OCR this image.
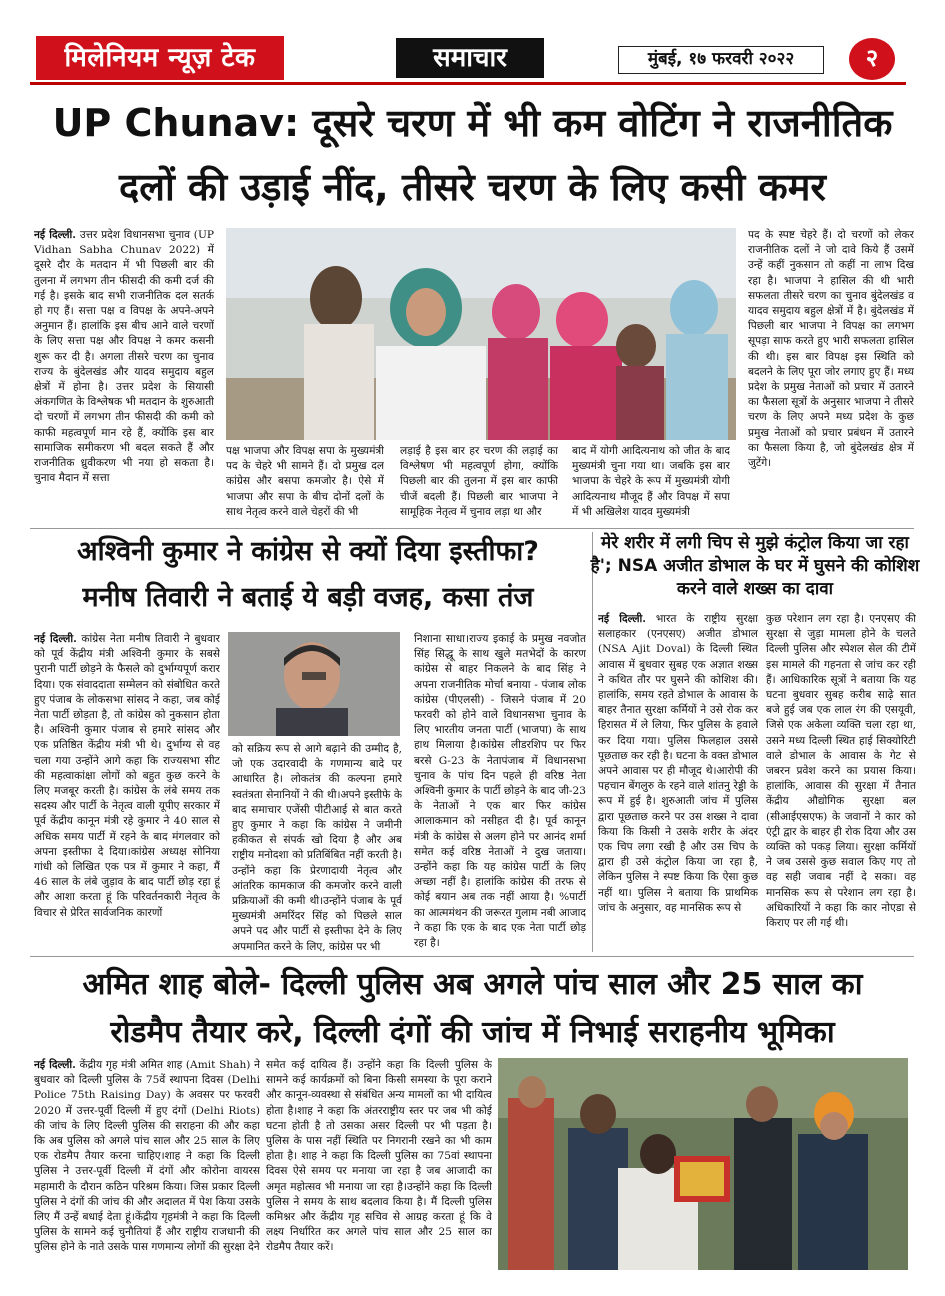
मिलेनियम न्यूज़ टेक	समाचार	मुंबई, १७ फरवरी २०२२	२
UP Chunav: दूसरे चरण में भी कम वोटिंग ने राजनीतिक
दलों की उड़ाई नींद, तीसरे चरण के लिए कसी कमर
नई दिल्ली. उत्तर प्रदेश विधानसभा चुनाव (UP Vidhan Sabha Chunav 2022) में दूसरे दौर के मतदान में भी पिछली बार की तुलना में लगभग तीन फीसदी की कमी दर्ज की गई है। इसके बाद सभी राजनीतिक दल सतर्क हो गए हैं। सत्ता पक्ष व विपक्ष के अपने-अपने अनुमान हैं। हालांकि इस बीच आने वाले चरणों के लिए सत्ता पक्ष और विपक्ष ने कमर कसनी शुरू कर दी है। अगला तीसरे चरण का चुनाव राज्य के बुंदेलखंड और यादव समुदाय बहुल क्षेत्रों में होना है। उत्तर प्रदेश के सियासी अंकगणित के विश्लेषक भी मतदान के शुरुआती दो चरणों में लगभग तीन फीसदी की कमी को काफी महत्वपूर्ण मान रहे हैं, क्योंकि इस बार सामाजिक समीकरण भी बदल सकते हैं और राजनीतिक ध्रुवीकरण भी नया हो सकता है। चुनाव मैदान में सत्ता
पक्ष भाजपा और विपक्ष सपा के मुख्यमंत्री पद के चेहरे भी सामने हैं। दो प्रमुख दल कांग्रेस और बसपा कमजोर है। ऐसे में भाजपा और सपा के बीच दोनों दलों के साथ नेतृत्व करने वाले चेहरों की भी
लड़ाई है इस बार हर चरण की लड़ाई का विश्लेषण भी महत्वपूर्ण होगा, क्योंकि पिछली बार की तुलना में इस बार काफी चीजें बदली हैं। पिछली बार भाजपा ने सामूहिक नेतृत्व में चुनाव लड़ा था और
बाद में योगी आदित्यनाथ को जीत के बाद मुख्यमंत्री चुना गया था। जबकि इस बार भाजपा के चेहरे के रूप में मुख्यमंत्री योगी आदित्यनाथ मौजूद हैं और विपक्ष में सपा में भी अखिलेश यादव मुख्यमंत्री
पद के स्पष्ट चेहरे हैं। दो चरणों को लेकर राजनीतिक दलों ने जो दावे किये हैं उसमें उन्हें कहीं नुकसान तो कहीं ना लाभ दिख रहा है। भाजपा ने हासिल की थी भारी सफलता तीसरे चरण का चुनाव बुंदेलखंड व यादव समुदाय बहुल क्षेत्रों में है। बुंदेलखंड में पिछली बार भाजपा ने विपक्ष का लगभग सूपड़ा साफ करते हुए भारी सफलता हासिल की थी। इस बार विपक्ष इस स्थिति को बदलने के लिए पूरा जोर लगाए हुए हैं। मध्य प्रदेश के प्रमुख नेताओं को प्रचार में उतारने का फैसला सूत्रों के अनुसार भाजपा ने तीसरे चरण के लिए अपने मध्य प्रदेश के कुछ प्रमुख नेताओं को प्रचार प्रबंधन में उतारने का फैसला किया है, जो बुंदेलखंड क्षेत्र में जुटेंगे।
अश्विनी कुमार ने कांग्रेस से क्यों दिया इस्तीफा?
मनीष तिवारी ने बताई ये बड़ी वजह, कसा तंज
नई दिल्ली. कांग्रेस नेता मनीष तिवारी ने बुधवार को पूर्व केंद्रीय मंत्री अश्विनी कुमार के सबसे पुरानी पार्टी छोड़ने के फैसले को दुर्भाग्यपूर्ण करार दिया। एक संवाददाता सम्मेलन को संबोधित करते हुए पंजाब के लोकसभा सांसद ने कहा, जब कोई नेता पार्टी छोड़ता है, तो कांग्रेस को नुकसान होता है। अश्विनी कुमार पंजाब से हमारे सांसद और एक प्रतिष्ठित केंद्रीय मंत्री भी थे। दुर्भाग्य से वह चला गया उन्होंने आगे कहा कि राज्यसभा सीट की महत्वाकांक्षा लोगों को बहुत कुछ करने के लिए मजबूर करती है। कांग्रेस के लंबे समय तक सदस्य और पार्टी के नेतृत्व वाली यूपीए सरकार में पूर्व केंद्रीय कानून मंत्री रहे कुमार ने 40 साल से अधिक समय पार्टी में रहने के बाद मंगलवार को अपना इस्तीफा दे दिया।कांग्रेस अध्यक्ष सोनिया गांधी को लिखित एक पत्र में कुमार ने कहा, मैं 46 साल के लंबे जुड़ाव के बाद पार्टी छोड़ रहा हूं और आशा करता हूं कि परिवर्तनकारी नेतृत्व के विचार से प्रेरित सार्वजनिक कारणों
को सक्रिय रूप से आगे बढ़ाने की उम्मीद है, जो एक उदारवादी के गणमान्य बादे पर आधारित है। लोकतंत्र की कल्पना हमारे स्वतंत्रता सेनानियों ने की थी।अपने इस्तीफे के बाद समाचार एजेंसी पीटीआई से बात करते हुए कुमार ने कहा कि कांग्रेस ने जमीनी हकीकत से संपर्क खो दिया है और अब राष्ट्रीय मनोदशा को प्रतिबिंबित नहीं करती है। उन्होंने कहा कि प्रेरणादायी नेतृत्व और आंतरिक कामकाज की कमजोर करने वाली प्रक्रियाओं की कमी थी।उन्होंने पंजाब के पूर्व मुख्यमंत्री अमरिंदर सिंह को पिछले साल अपने पद और पार्टी से इस्तीफा देने के लिए अपमानित करने के लिए, कांग्रेस पर भी
निशाना साधा।राज्य इकाई के प्रमुख नवजोत सिंह सिद्धू के साथ खुले मतभेदों के कारण कांग्रेस से बाहर निकलने के बाद सिंह ने अपना राजनीतिक मोर्चा बनाया - पंजाब लोक कांग्रेस (पीएलसी) - जिसने पंजाब में 20 फरवरी को होने वाले विधानसभा चुनाव के लिए भारतीय जनता पार्टी (भाजपा) के साथ हाथ मिलाया है।कांग्रेस लीडरशिप पर फिर बरसे G-23 के नेतापंजाब में विधानसभा चुनाव के पांच दिन पहले ही वरिष्ठ नेता अश्विनी कुमार के पार्टी छोड़ने के बाद जी-23 के नेताओं ने एक बार फिर कांग्रेस आलाकमान को नसीहत दी है। पूर्व कानून मंत्री के कांग्रेस से अलग होने पर आनंद शर्मा समेत कई वरिष्ठ नेताओं ने दुख जताया। उन्होंने कहा कि यह कांग्रेस पार्टी के लिए अच्छा नहीं है। हालांकि कांग्रेस की तरफ से कोई बयान अब तक नहीं आया है। %पार्टी का आत्ममंथन की जरूरत गुलाम नबी आजाद ने कहा कि एक के बाद एक नेता पार्टी छोड़ रहा है।
मेरे शरीर में लगी चिप से मुझे कंट्रोल किया जा रहा है'; NSA अजीत डोभाल के घर में घुसने की कोशिश करने वाले शख्स का दावा
नई दिल्ली. भारत के राष्ट्रीय सुरक्षा सलाहकार (एनएसए) अजीत डोभाल (NSA Ajit Doval) के दिल्ली स्थित आवास में बुधवार सुबह एक अज्ञात शख्स ने कथित तौर पर घुसने की कोशिश की। हालांकि, समय रहते डोभाल के आवास के बाहर तैनात सुरक्षा कर्मियों ने उसे रोक कर हिरासत में ले लिया, फिर पुलिस के हवाले कर दिया गया। पुलिस फिलहाल उससे पूछताछ कर रही है। घटना के वक्त डोभाल अपने आवास पर ही मौजूद थे।आरोपी की पहचान बेंगलुरु के रहने वाले शांतनु रेड्डी के रूप में हुई है। शुरुआती जांच में पुलिस द्वारा पूछताछ करने पर उस शख्स ने दावा किया कि किसी ने उसके शरीर के अंदर एक चिप लगा रखी है और उस चिप के द्वारा ही उसे कंट्रोल किया जा रहा है, लेकिन पुलिस ने स्पष्ट किया कि ऐसा कुछ नहीं था। पुलिस ने बताया कि प्राथमिक जांच के अनुसार, वह मानसिक रूप से
कुछ परेशान लग रहा है। एनएसए की सुरक्षा से जुड़ा मामला होने के चलते दिल्ली पुलिस और स्पेशल सेल की टीमें इस मामले की गहनता से जांच कर रही हैं। आधिकारिक सूत्रों ने बताया कि यह घटना बुधवार सुबह करीब साढ़े सात बजे हुई जब एक लाल रंग की एसयूवी, जिसे एक अकेला व्यक्ति चला रहा था, उसने मध्य दिल्ली स्थित हाई सिक्योरिटी वाले डोभाल के आवास के गेट से जबरन प्रवेश करने का प्रयास किया। हालांकि, आवास की सुरक्षा में तैनात केंद्रीय औद्योगिक सुरक्षा बल (सीआईएसएफ) के जवानों ने कार को एंट्री द्वार के बाहर ही रोक दिया और उस व्यक्ति को पकड़ लिया। सुरक्षा कर्मियों ने जब उससे कुछ सवाल किए गए तो वह सही जवाब नहीं दे सका। वह मानसिक रूप से परेशान लग रहा है। अधिकारियों ने कहा कि कार नोएडा से किराए पर ली गई थी।
अमित शाह बोले- दिल्ली पुलिस अब अगले पांच साल और 25 साल का
रोडमैप तैयार करे, दिल्ली दंगों की जांच में निभाई सराहनीय भूमिका
नई दिल्ली. केंद्रीय गृह मंत्री अमित शाह (Amit Shah) ने बुधवार को दिल्ली पुलिस के 75वें स्थापना दिवस (Delhi Police 75th Raising Day) के अवसर पर फरवरी 2020 में उत्तर-पूर्वी दिल्ली में हुए दंगों (Delhi Riots) की जांच के लिए दिल्ली पुलिस की सराहना की और कहा कि अब पुलिस को अगले पांच साल और 25 साल के लिए एक रोडमैप तैयार करना चाहिए।शाह ने कहा कि दिल्ली पुलिस ने उत्तर-पूर्वी दिल्ली में दंगों और कोरोना वायरस महामारी के दौरान कठिन परिश्रम किया। जिस प्रकार दिल्ली पुलिस ने दंगों की जांच की और अदालत में पेश किया उसके लिए मैं उन्हें बधाई देता हूं।केंद्रीय गृहमंत्री ने कहा कि दिल्ली पुलिस के सामने कई चुनौतियां हैं और राष्ट्रीय राजधानी की पुलिस होने के नाते उसके पास गणमान्य लोगों की सुरक्षा देने
समेत कई दायित्व हैं। उन्होंने कहा कि दिल्ली पुलिस के सामने कई कार्यक्रमों को बिना किसी समस्या के पूरा कराने और कानून-व्यवस्था से संबंधित अन्य मामलों का भी दायित्व होता है।शाह ने कहा कि अंतरराष्ट्रीय स्तर पर जब भी कोई घटना होती है तो उसका असर दिल्ली पर भी पड़ता है। पुलिस के पास नहीं स्थिति पर निगरानी रखने का भी काम होता है। शाह ने कहा कि दिल्ली पुलिस का 75वां स्थापना दिवस ऐसे समय पर मनाया जा रहा है जब आजादी का अमृत महोत्सव भी मनाया जा रहा है।उन्होंने कहा कि दिल्ली पुलिस ने समय के साथ बदलाव किया है। मैं दिल्ली पुलिस कमिश्नर और केंद्रीय गृह सचिव से आग्रह करता हूं कि वे लक्ष्य निर्धारित कर अगले पांच साल और 25 साल का रोडमैप तैयार करें।
